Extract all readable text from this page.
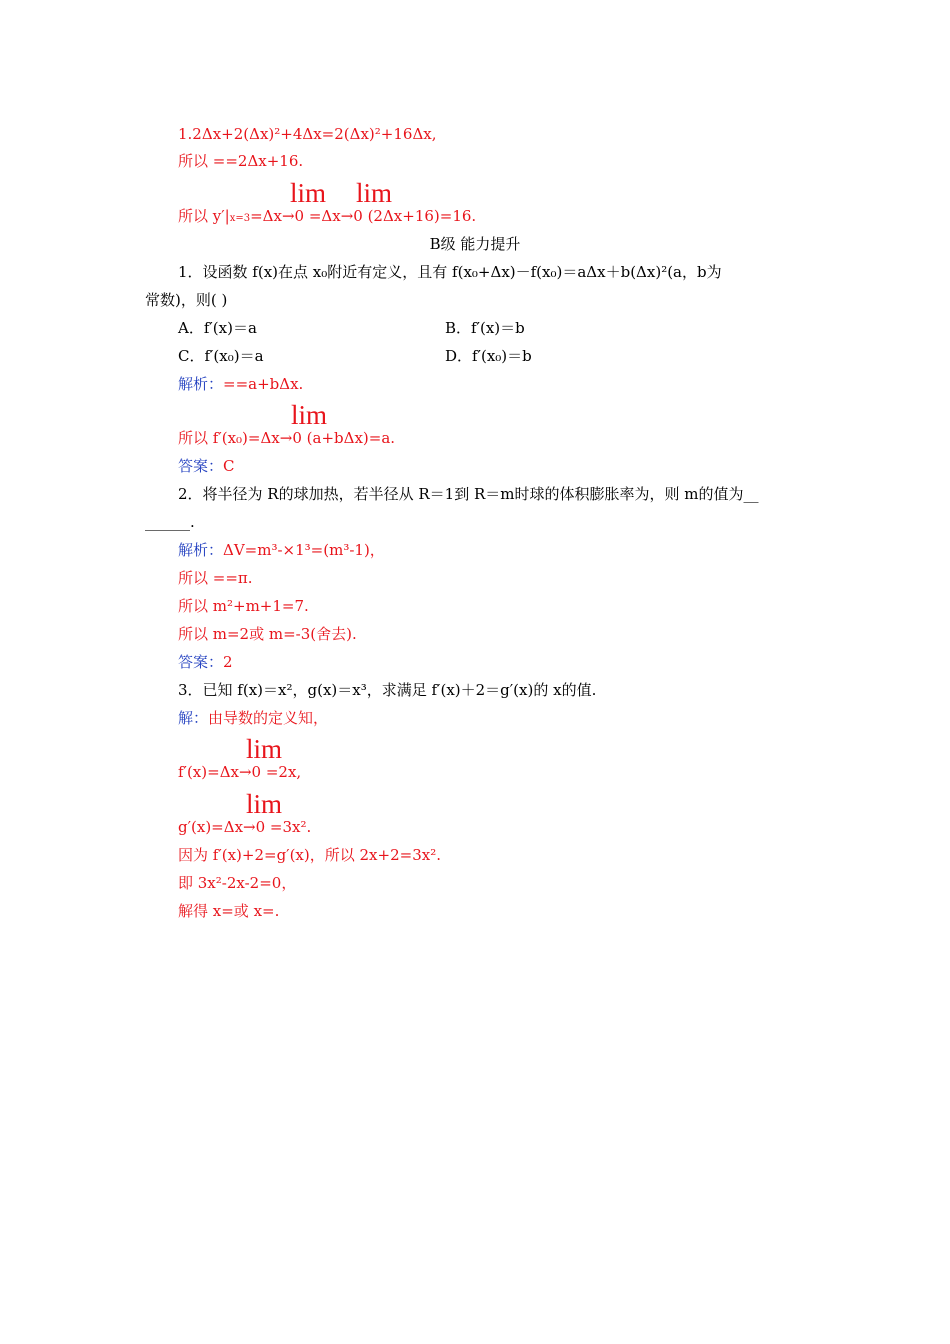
1.2Δx+2(Δx)²+4Δx=2(Δx)²+16Δx,
所以 ==2Δx+16.
lim lim
所以 y′|x=3=Δx→0 =Δx→0 (2Δx+16)=16.
B级 能力提升
1．设函数 f(x)在点 x₀附近有定义，且有 f(x₀+Δx)－f(x₀)＝aΔx＋b(Δx)²(a，b为
常数)，则( )
A．f′(x)＝a	B．f′(x)＝b
C．f′(x₀)＝a	D．f′(x₀)＝b
解析：==a+bΔx.
lim
所以 f′(x₀)=Δx→0 (a+bΔx)=a.
答案：C
2．将半径为 R的球加热，若半径从 R＝1到 R＝m时球的体积膨胀率为，则 m的值为__
______.
解析：ΔV=m³-×1³=(m³-1)，
所以 ==π.
所以 m²+m+1=7.
所以 m=2或 m=-3(舍去).
答案：2
3．已知 f(x)＝x²，g(x)＝x³，求满足 f′(x)＋2＝g′(x)的 x的值.
解：由导数的定义知，
lim
f′(x)=Δx→0 =2x,
lim
g′(x)=Δx→0 =3x².
因为 f′(x)+2=g′(x)，所以 2x+2=3x².
即 3x²-2x-2=0，
解得 x=或 x=.
